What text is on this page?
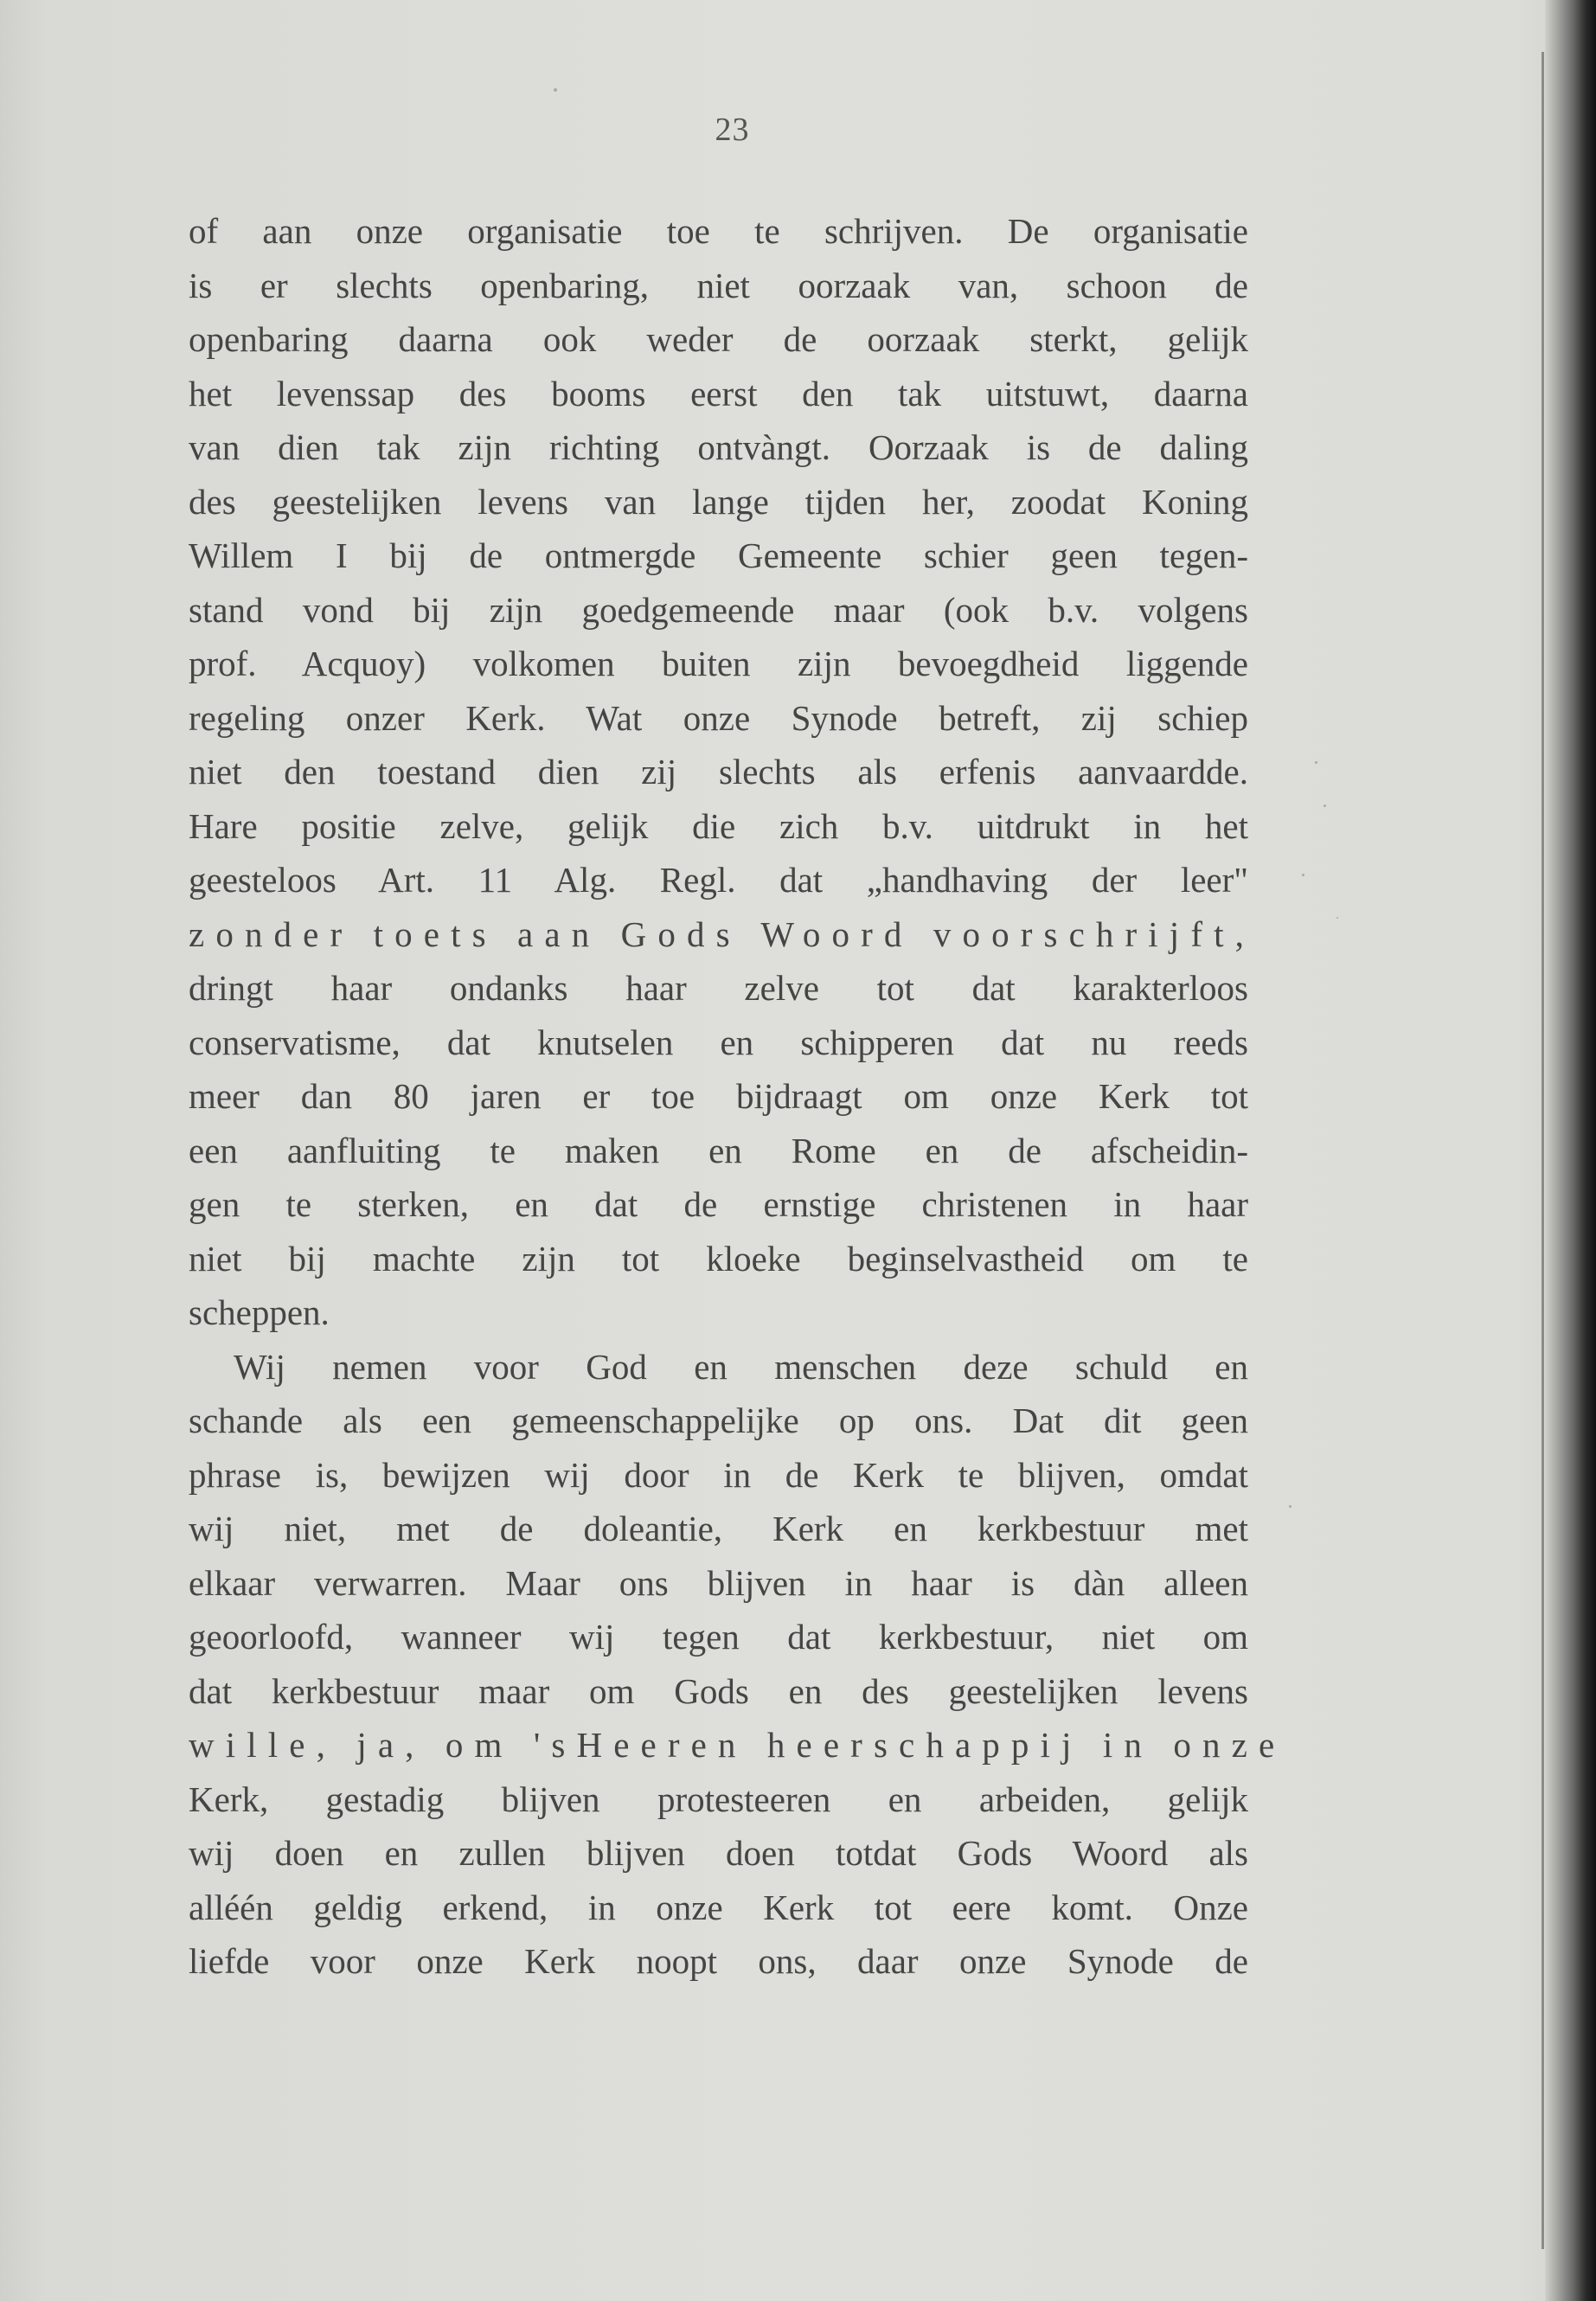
23
of aan onze organisatie toe te schrijven. De organisatie
is er slechts openbaring, niet oorzaak van, schoon de
openbaring daarna ook weder de oorzaak sterkt, gelijk
het levenssap des booms eerst den tak uitstuwt, daarna
van dien tak zijn richting ontvàngt. Oorzaak is de daling
des geestelijken levens van lange tijden her, zoodat Koning
Willem I bij de ontmergde Gemeente schier geen tegen-
stand vond bij zijn goedgemeende maar (ook b.v. volgens
prof. Acquoy) volkomen buiten zijn bevoegdheid liggende
regeling onzer Kerk. Wat onze Synode betreft, zij schiep
niet den toestand dien zij slechts als erfenis aanvaardde.
Hare positie zelve, gelijk die zich b.v. uitdrukt in het
geesteloos Art. 11 Alg. Regl. dat „handhaving der leer"
zonder toets aan Gods Woord voorschrijft,
dringt haar ondanks haar zelve tot dat karakterloos
conservatisme, dat knutselen en schipperen dat nu reeds
meer dan 80 jaren er toe bijdraagt om onze Kerk tot
een aanfluiting te maken en Rome en de afscheidin-
gen te sterken, en dat de ernstige christenen in haar
niet bij machte zijn tot kloeke beginselvastheid om te
scheppen.
Wij nemen voor God en menschen deze schuld en
schande als een gemeenschappelijke op ons. Dat dit geen
phrase is, bewijzen wij door in de Kerk te blijven, omdat
wij niet, met de doleantie, Kerk en kerkbestuur met
elkaar verwarren. Maar ons blijven in haar is dàn alleen
geoorloofd, wanneer wij tegen dat kerkbestuur, niet om
dat kerkbestuur maar om Gods en des geestelijken levens
wille, ja, om 'sHeeren heerschappij in onze
Kerk, gestadig blijven protesteeren en arbeiden, gelijk
wij doen en zullen blijven doen totdat Gods Woord als
alléén geldig erkend, in onze Kerk tot eere komt. Onze
liefde voor onze Kerk noopt ons, daar onze Synode de
